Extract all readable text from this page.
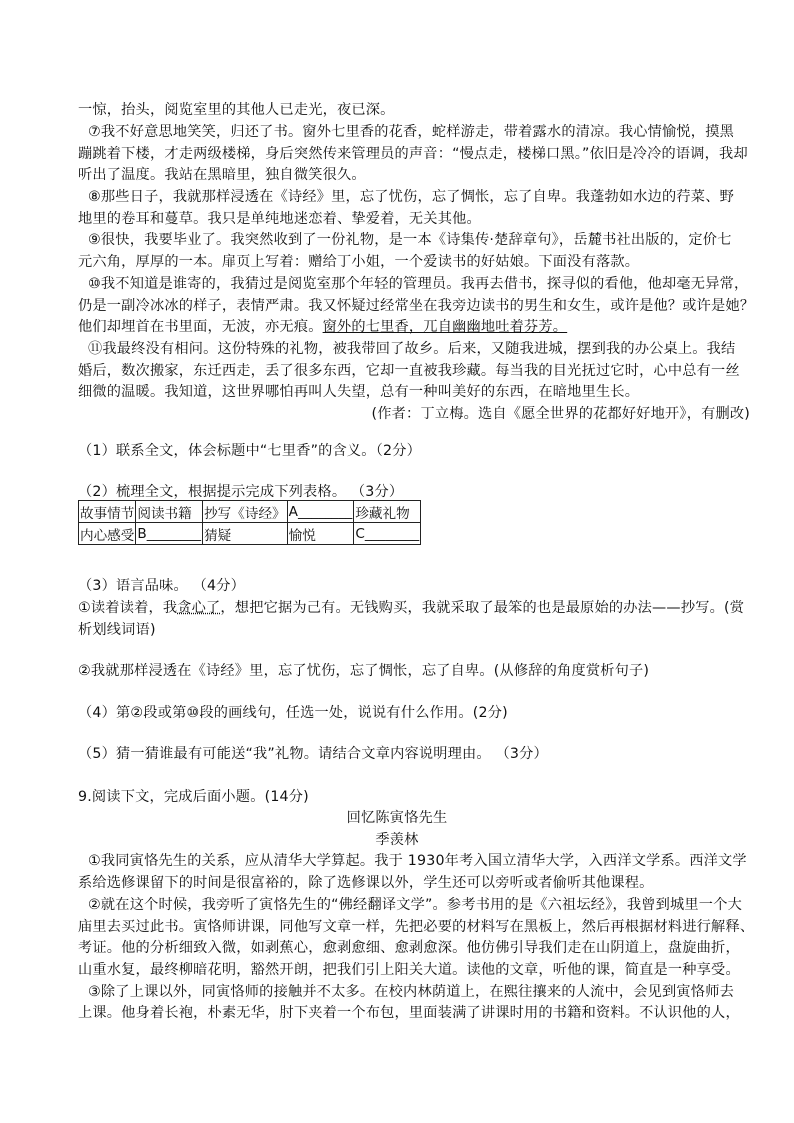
一惊，抬头，阅览室里的其他人已走光，夜已深。
⑦我不好意思地笑笑，归还了书。窗外七里香的花香，蛇样游走，带着露水的清凉。我心情愉悦，摸黑
蹦跳着下楼，才走两级楼梯，身后突然传来管理员的声音：“慢点走，楼梯口黑。”依旧是冷冷的语调，我却
听出了温度。我站在黑暗里，独自微笑很久。
⑧那些日子，我就那样浸透在《诗经》里，忘了忧伤，忘了惆怅，忘了自卑。我蓬勃如水边的荇菜、野
地里的卷耳和蔓草。我只是单纯地迷恋着、挚爱着，无关其他。
⑨很快，我要毕业了。我突然收到了一份礼物，是一本《诗集传·楚辞章句》，岳麓书社出版的，定价七
元六角，厚厚的一本。扉页上写着：赠给丁小姐，一个爱读书的好姑娘。下面没有落款。
⑩我不知道是谁寄的，我猜过是阅览室那个年轻的管理员。我再去借书，探寻似的看他，他却毫无异常，
仍是一副冷冰冰的样子，表情严肃。我又怀疑过经常坐在我旁边读书的男生和女生，或许是他？或许是她？
他们却埋首在书里面，无波，亦无痕。窗外的七里香，兀自幽幽地吐着芬芳。
⑪我最终没有相问。这份特殊的礼物，被我带回了故乡。后来，又随我进城，摆到我的办公桌上。我结
婚后，数次搬家，东迁西走，丢了很多东西，它却一直被我珍藏。每当我的目光抚过它时，心中总有一丝
细微的温暖。我知道，这世界哪怕再叫人失望，总有一种叫美好的东西，在暗地里生长。
(作者：丁立梅。选自《愿全世界的花都好好地开》，有删改)
（1）联系全文，体会标题中“七里香”的含义。（2分）
（2）梳理全文，根据提示完成下列表格。 （3分）
故事情节	阅读书籍	抄写《诗经》	A________	珍藏礼物
内心感受	B________	猜疑	愉悦	C________
（3）语言品味。 （4分）
①读着读着，我贪心了，想把它据为己有。无钱购买，我就采取了最笨的也是最原始的办法——抄写。(赏
析划线词语)
②我就那样浸透在《诗经》里，忘了忧伤，忘了惆怅，忘了自卑。(从修辞的角度赏析句子)
（4）第②段或第⑩段的画线句，任选一处，说说有什么作用。(2分)
（5）猜一猜谁最有可能送“我”礼物。请结合文章内容说明理由。 （3分）
9.阅读下文，完成后面小题。(14分)
回忆陈寅恪先生
季羡林
①我同寅恪先生的关系，应从清华大学算起。我于 1930年考入国立清华大学，入西洋文学系。西洋文学
系给选修课留下的时间是很富裕的，除了选修课以外，学生还可以旁听或者偷听其他课程。
②就在这个时候，我旁听了寅恪先生的“佛经翻译文学”。参考书用的是《六祖坛经》，我曾到城里一个大
庙里去买过此书。寅恪师讲课，同他写文章一样，先把必要的材料写在黑板上，然后再根据材料进行解释、
考证。他的分析细致入微，如剥蕉心，愈剥愈细、愈剥愈深。他仿佛引导我们走在山阴道上，盘旋曲折，
山重水复，最终柳暗花明，豁然开朗，把我们引上阳关大道。读他的文章，听他的课，简直是一种享受。
③除了上课以外，同寅恪师的接触并不太多。在校内林荫道上，在熙往攘来的人流中，会见到寅恪师去
上课。他身着长袍，朴素无华，肘下夹着一个布包，里面装满了讲课时用的书籍和资料。不认识他的人，
